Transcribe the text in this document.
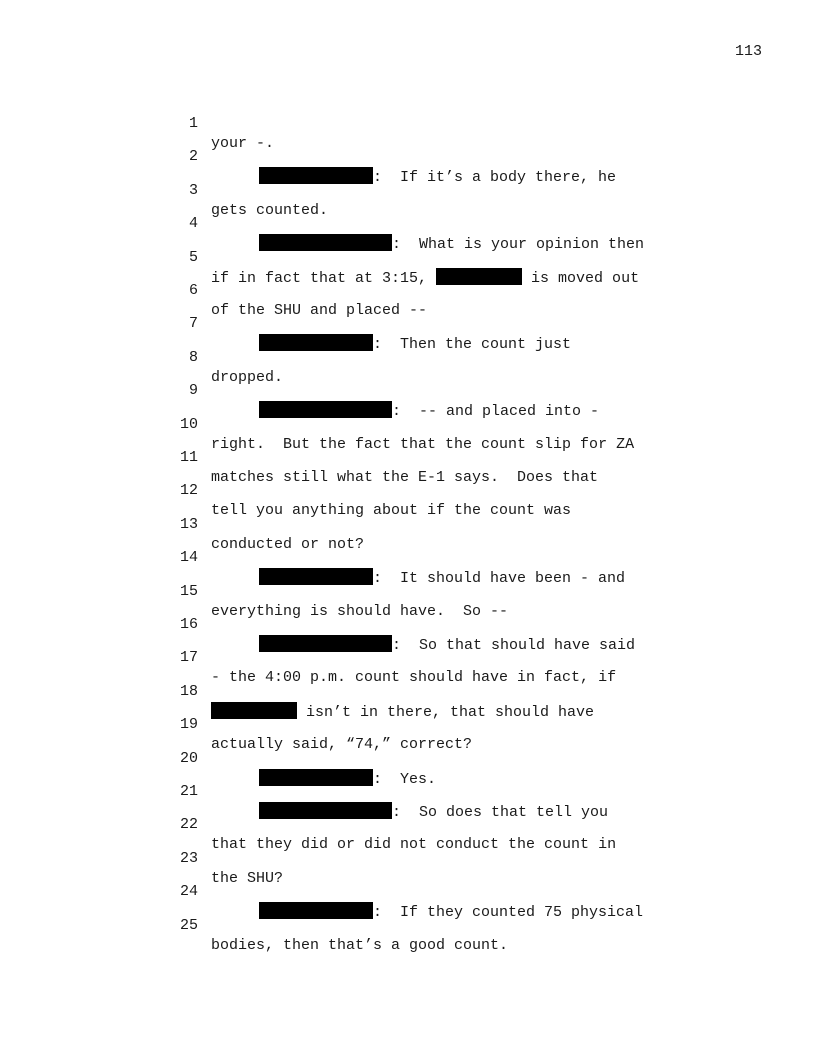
113

1

your -.

2

:  If it’s a body there, he

3

gets counted.

4

:  What is your opinion then

5

if in fact that at 3:15,	is moved out

6

of the SHU and placed --

7

:  Then the count just

8

dropped.

9

:  -- and placed into -

10

right.  But the fact that the count slip for ZA

11

matches still what the E-1 says.  Does that

12

tell you anything about if the count was

13

conducted or not?

14

:  It should have been - and

15

everything is should have.  So --

16

:  So that should have said

17

- the 4:00 p.m. count should have in fact, if

18

isn’t in there, that should have

19

actually said, “74,” correct?

20

:  Yes.

21

:  So does that tell you

22

that they did or did not conduct the count in

23

the SHU?

24

:  If they counted 75 physical

25

bodies, then that’s a good count.
